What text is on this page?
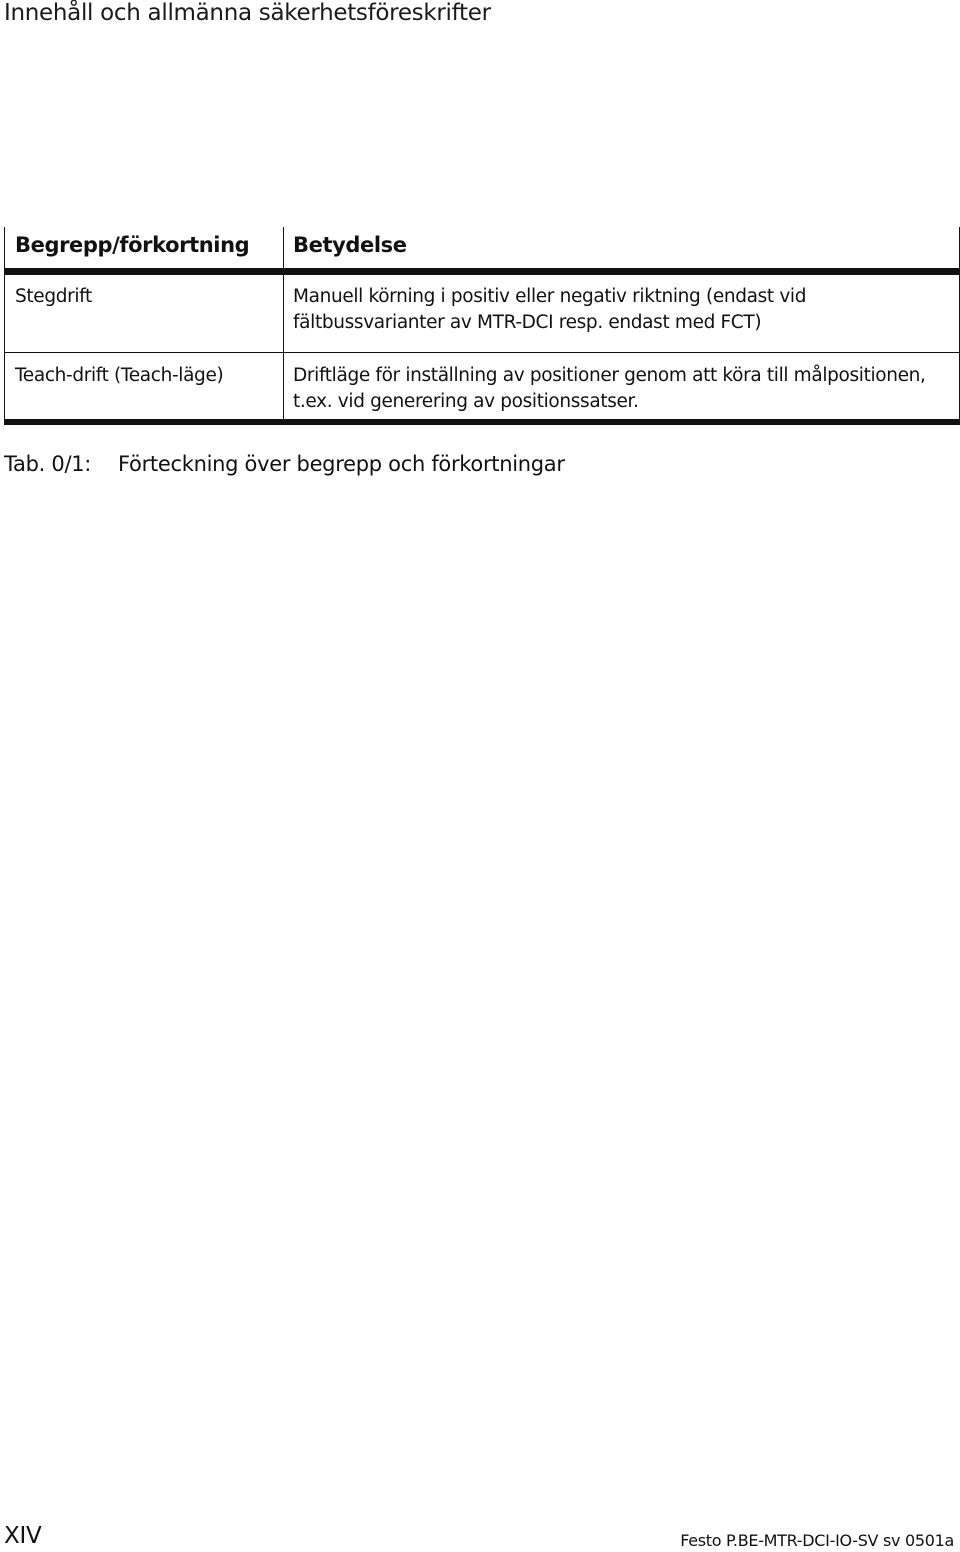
Innehåll och allmänna säkerhetsföreskrifter
Begrepp/förkortning	Betydelse
Stegdrift	Manuell körning i positiv eller negativ riktning (endast vid
fältbussvarianter av MTR-DCI resp. endast med FCT)
Teach-drift (Teach-läge)	Driftläge för inställning av positioner genom att köra till målpositionen,
t.ex. vid generering av positionssatser.
Tab. 0/1: Förteckning över begrepp och förkortningar
XIV	Festo P.BE-MTR-DCI-IO-SV sv 0501a
